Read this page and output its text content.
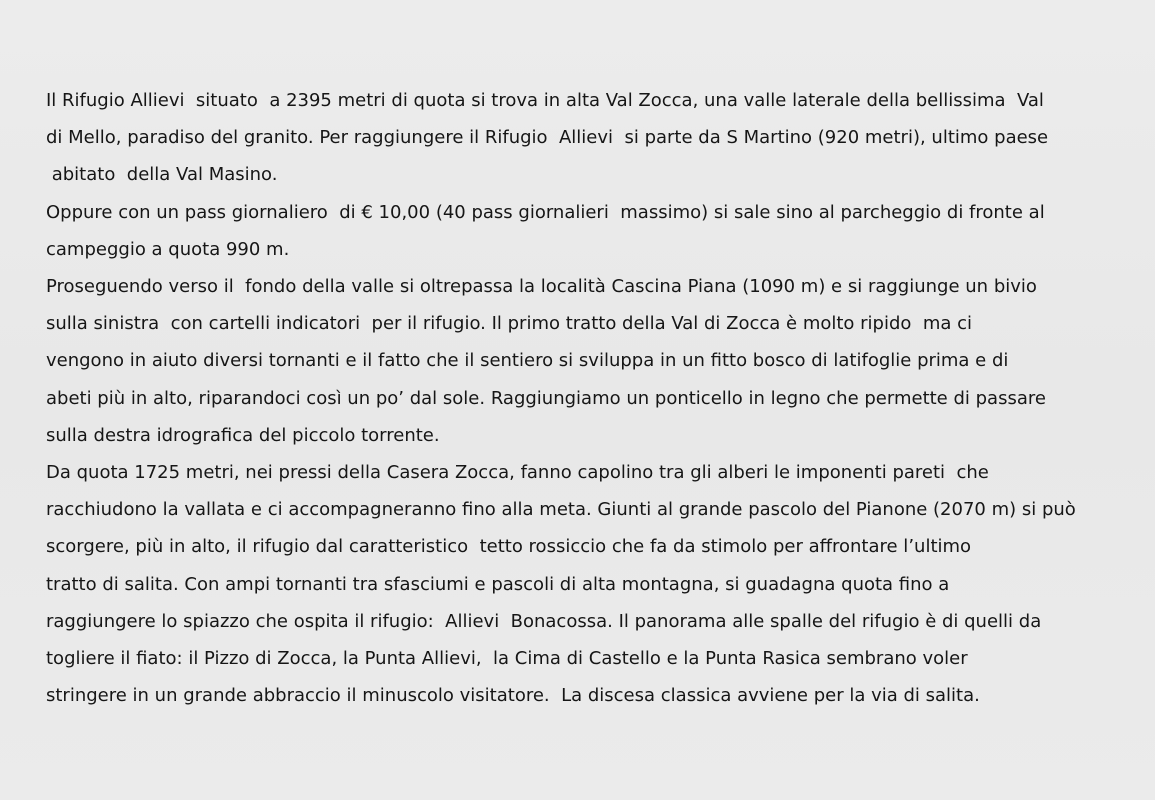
Il Rifugio Allievi  situato  a 2395 metri di quota si trova in alta Val Zocca, una valle laterale della bellissima  Val
di Mello, paradiso del granito. Per raggiungere il Rifugio  Allievi  si parte da S Martino (920 metri), ultimo paese
abitato  della Val Masino.
Oppure con un pass giornaliero  di € 10,00 (40 pass giornalieri  massimo) si sale sino al parcheggio di fronte al
campeggio a quota 990 m.
Proseguendo verso il  fondo della valle si oltrepassa la località Cascina Piana (1090 m) e si raggiunge un bivio
sulla sinistra  con cartelli indicatori  per il rifugio. Il primo tratto della Val di Zocca è molto ripido  ma ci
vengono in aiuto diversi tornanti e il fatto che il sentiero si sviluppa in un fitto bosco di latifoglie prima e di
abeti più in alto, riparandoci così un po’ dal sole. Raggiungiamo un ponticello in legno che permette di passare
sulla destra idrografica del piccolo torrente.
Da quota 1725 metri, nei pressi della Casera Zocca, fanno capolino tra gli alberi le imponenti pareti  che
racchiudono la vallata e ci accompagneranno fino alla meta. Giunti al grande pascolo del Pianone (2070 m) si può
scorgere, più in alto, il rifugio dal caratteristico  tetto rossiccio che fa da stimolo per affrontare l’ultimo
tratto di salita. Con ampi tornanti tra sfasciumi e pascoli di alta montagna, si guadagna quota fino a
raggiungere lo spiazzo che ospita il rifugio:  Allievi  Bonacossa. Il panorama alle spalle del rifugio è di quelli da
togliere il fiato: il Pizzo di Zocca, la Punta Allievi,  la Cima di Castello e la Punta Rasica sembrano voler
stringere in un grande abbraccio il minuscolo visitatore.  La discesa classica avviene per la via di salita.
